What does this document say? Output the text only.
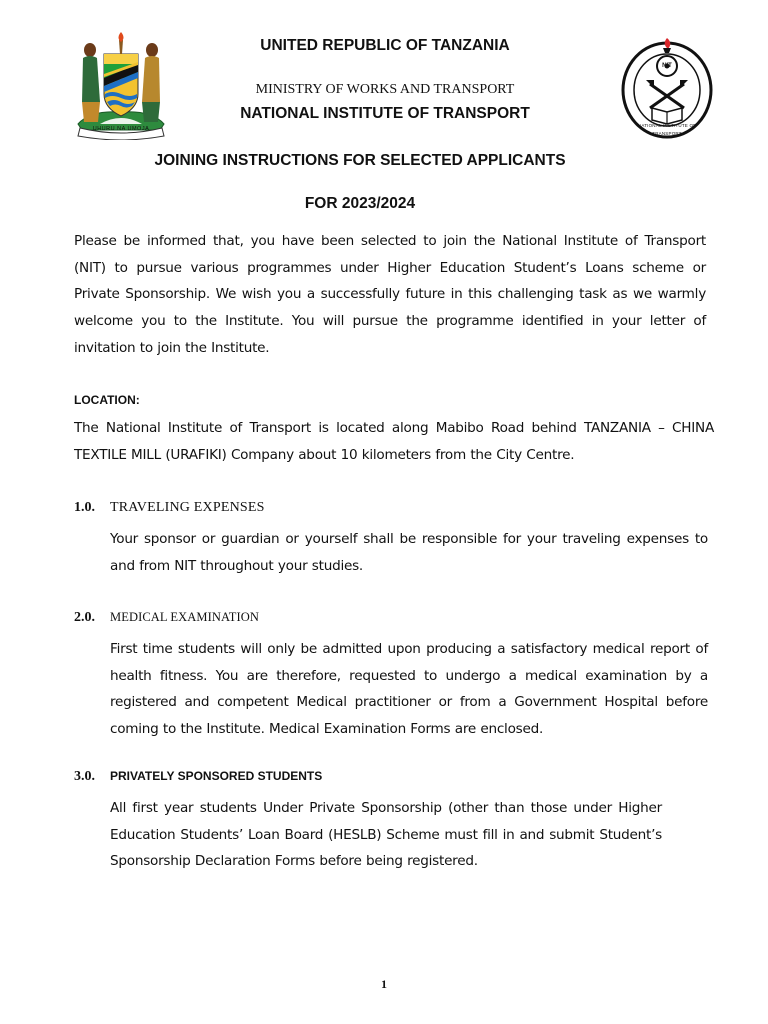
UHURU NA UMOJA
NIT
NATIONAL INSTITUTE OF TRANSPORT
UNITED REPUBLIC OF TANZANIA
MINISTRY OF WORKS AND TRANSPORT
NATIONAL INSTITUTE OF TRANSPORT
JOINING INSTRUCTIONS FOR SELECTED APPLICANTS
FOR 2023/2024
Please be informed that, you have been selected to join the National Institute of Transport (NIT) to pursue various programmes under Higher Education Student’s Loans scheme or Private Sponsorship. We wish you a successfully future in this challenging task as we warmly welcome you to the Institute. You will pursue the programme identified in your letter of invitation to join the Institute.
LOCATION:
The National Institute of Transport is located along Mabibo Road behind TANZANIA – CHINA TEXTILE MILL (URAFIKI) Company about 10 kilometers from the City Centre.
1.0. TRAVELING EXPENSES
Your sponsor or guardian or yourself shall be responsible for your traveling expenses to and from NIT throughout your studies.
2.0. MEDICAL EXAMINATION
First time students will only be admitted upon producing a satisfactory medical report of health fitness. You are therefore, requested to undergo a medical examination by a registered and competent Medical practitioner or from a Government Hospital before coming to the Institute. Medical Examination Forms are enclosed.
3.0. PRIVATELY SPONSORED STUDENTS
All first year students Under Private Sponsorship (other than those under Higher Education Students’ Loan Board (HESLB) Scheme must fill in and submit Student’s Sponsorship Declaration Forms before being registered.
1
